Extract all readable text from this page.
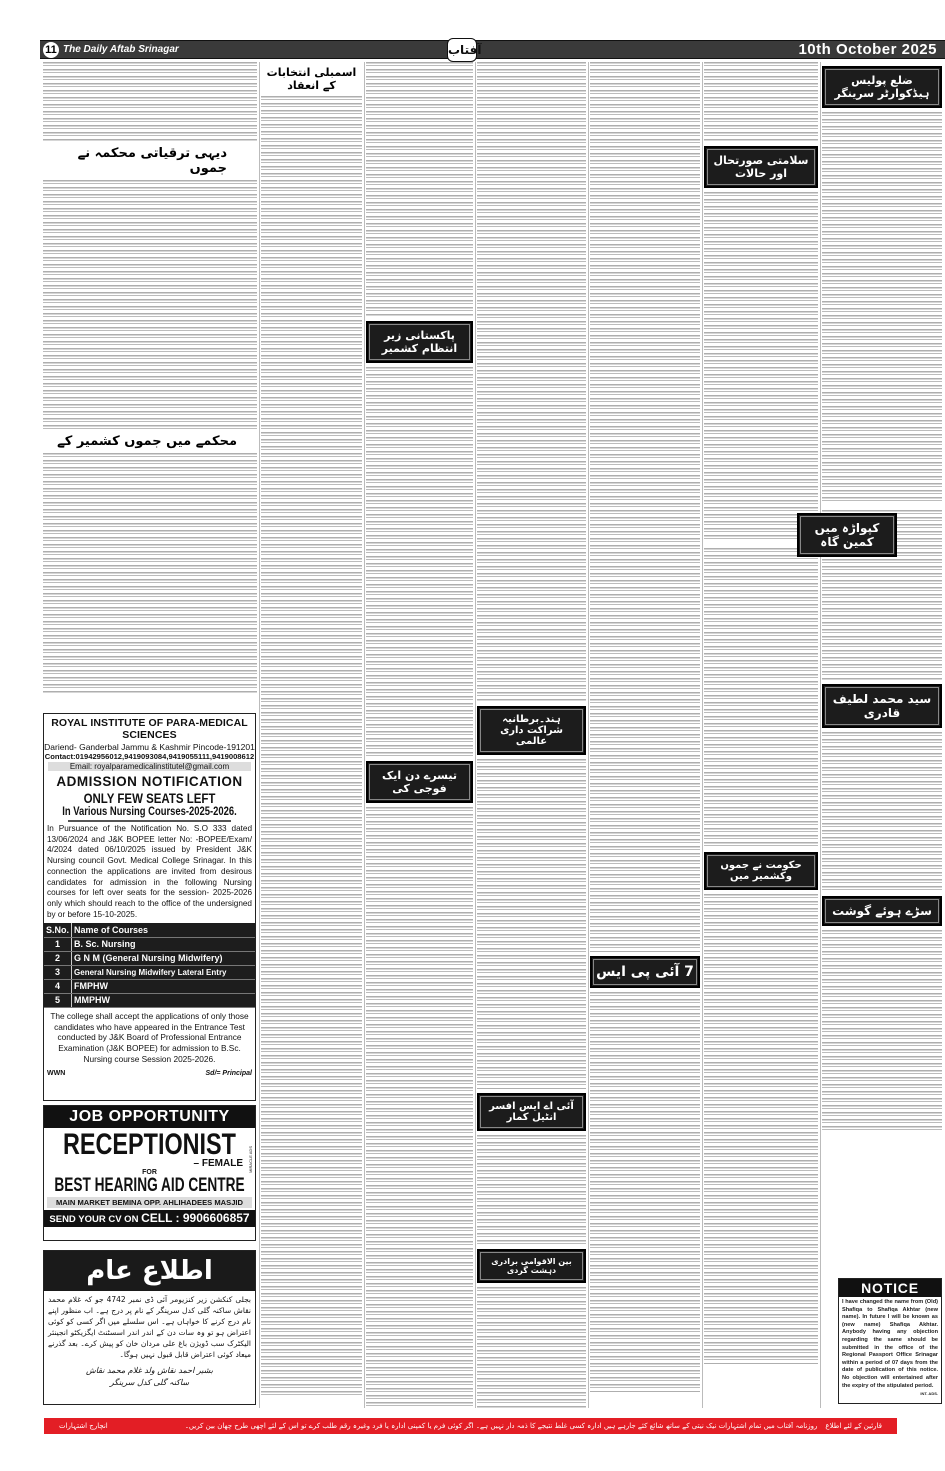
11 The Daily Aftab Srinagar	آفتاب	10th October 2025
ضلع پولیس ہیڈکوارٹر سرینگر
سید محمد لطیف قادری
سڑے ہوئے گوشت
سلامتی صورتحال اور حالات
حکومت نے جموں وکشمیر میں
کپواڑہ میں کمین گاہ
7 آئی پی ایس
ہند۔برطانیہ شراکت داری عالمی
آئی اے ایس افسر انٹیل کمار
بین الاقوامی برادری دہشت گردی
پاکستانی زیر انتظام کشمیر
تیسرے دن ایک فوجی کی
اسمبلی انتخابات کے انعقاد
دیہی ترقیاتی محکمہ نے جموں
محکمے میں جموں کشمیر کے
ROYAL INSTITUTE OF PARA-MEDICAL SCIENCES
Dariend- Ganderbal Jammu & Kashmir Pincode-191201
Contact:01942956012,9419093084,9419055111,9419008612
Email: royalparamedicalinstitutel@gmail.com
ADMISSION NOTIFICATION
ONLY FEW SEATS LEFT
In Various Nursing Courses-2025-2026.
In Pursuance of the Notification No. S.O 333 dated 13/06/2024 and J&K BOPEE letter No: -BOPEE/Exam/ 4/2024 dated 06/10/2025 issued by President J&K Nursing council Govt. Medical College Srinagar. In this connection the applications are invited from desirous candidates for admission in the following Nursing courses for left over seats for the session- 2025-2026 only which should reach to the office of the undersigned by or before 15-10-2025.
S.No.	Name of Courses
1	B. Sc. Nursing
2	G N M (General Nursing Midwifery)
3	General Nursing Midwifery Lateral Entry
4	FMPHW
5	MMPHW
The college shall accept the applications of only those candidates who have appeared in the Entrance Test conducted by J&K Board of Professional Entrance Examination (J&K BOPEE) for admission to B.Sc. Nursing course Session 2025-2026.
WWN	Sd/= Principal
JOB OPPORTUNITY
RECEPTIONIST
– FEMALE	MIRACLE ADS
FOR
BEST HEARING AID CENTRE
MAIN MARKET BEMINA OPP. AHLIHADEES MASJID
SEND YOUR CV ON CELL : 9906606857
اطلاع عام
بجلی کنکشن زیر کنزیومر آئی ڈی نمبر 4742 جو کہ غلام محمد نقاش ساکنہ گلی کدل سرینگر کے نام پر درج ہے۔ اب منظور اپنے نام درج کرنے کا خواہاں ہے۔ اس سلسلے میں اگر کسی کو کوئی اعتراض ہو تو وہ سات دن کے اندر اندر اسسٹنٹ ایگزیکٹو انجینئر الیکٹرک سب ڈویژن باغ علی مردان خان کو پیش کرے۔ بعد گذرنے میعاد کوئی اعتراض قابل قبول نہیں ہوگا۔
بشیر احمد نقاش ولد غلام محمد نقاش
ساکنہ گلی کدل سرینگر
NOTICE
I have changed the name from (Old) Shafiqa to Shafiqa Akhtar (new name). In future I will be known as (new name) Shafiqa Akhtar. Anybody having any objection regarding the same should be submitted in the office of the Regional Passport Office Srinagar within a period of 07 days from the date of publication of this notice. No objection will entertained after the expiry of the stipulated period.
INT. ADS.
قارئین کے لئے اطلاع
روزنامہ آفتاب میں تمام اشتہارات نیک نیتی کے ساتھ شائع کئے جارہے ہیں ادارہ کسی غلط نتیجے کا ذمہ دار نہیں ہے۔ اگر کوئی فرم یا کمپنی ادارہ یا فرد وغیرہ رقم طلب کرے تو اس کے لئے اچھی طرح چھان بین کریں۔
انچارج اشتہارات
